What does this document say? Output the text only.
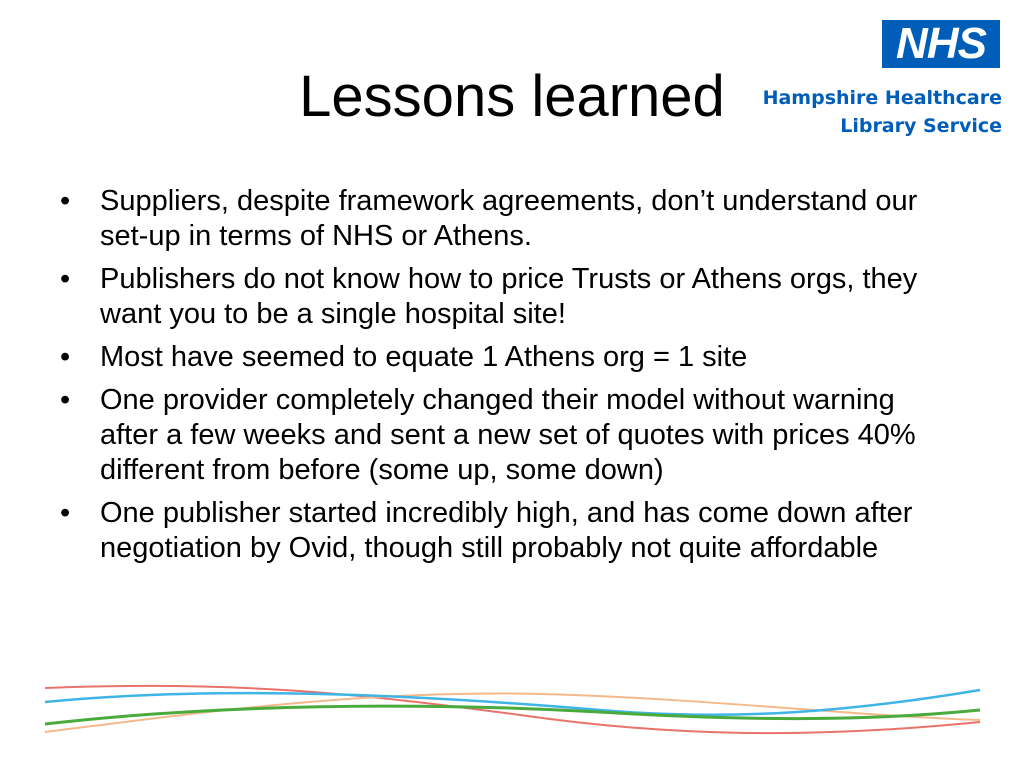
Lessons learned
NHS
Hampshire Healthcare
Library Service
• Suppliers, despite framework agreements, don’t understand our set-up in terms of NHS or Athens.
• Publishers do not know how to price Trusts or Athens orgs, they want you to be a single hospital site!
• Most have seemed to equate 1 Athens org = 1 site
• One provider completely changed their model without warning after a few weeks and sent a new set of quotes with prices 40% different from before (some up, some down)
• One publisher started incredibly high, and has come down after negotiation by Ovid, though still probably not quite affordable
